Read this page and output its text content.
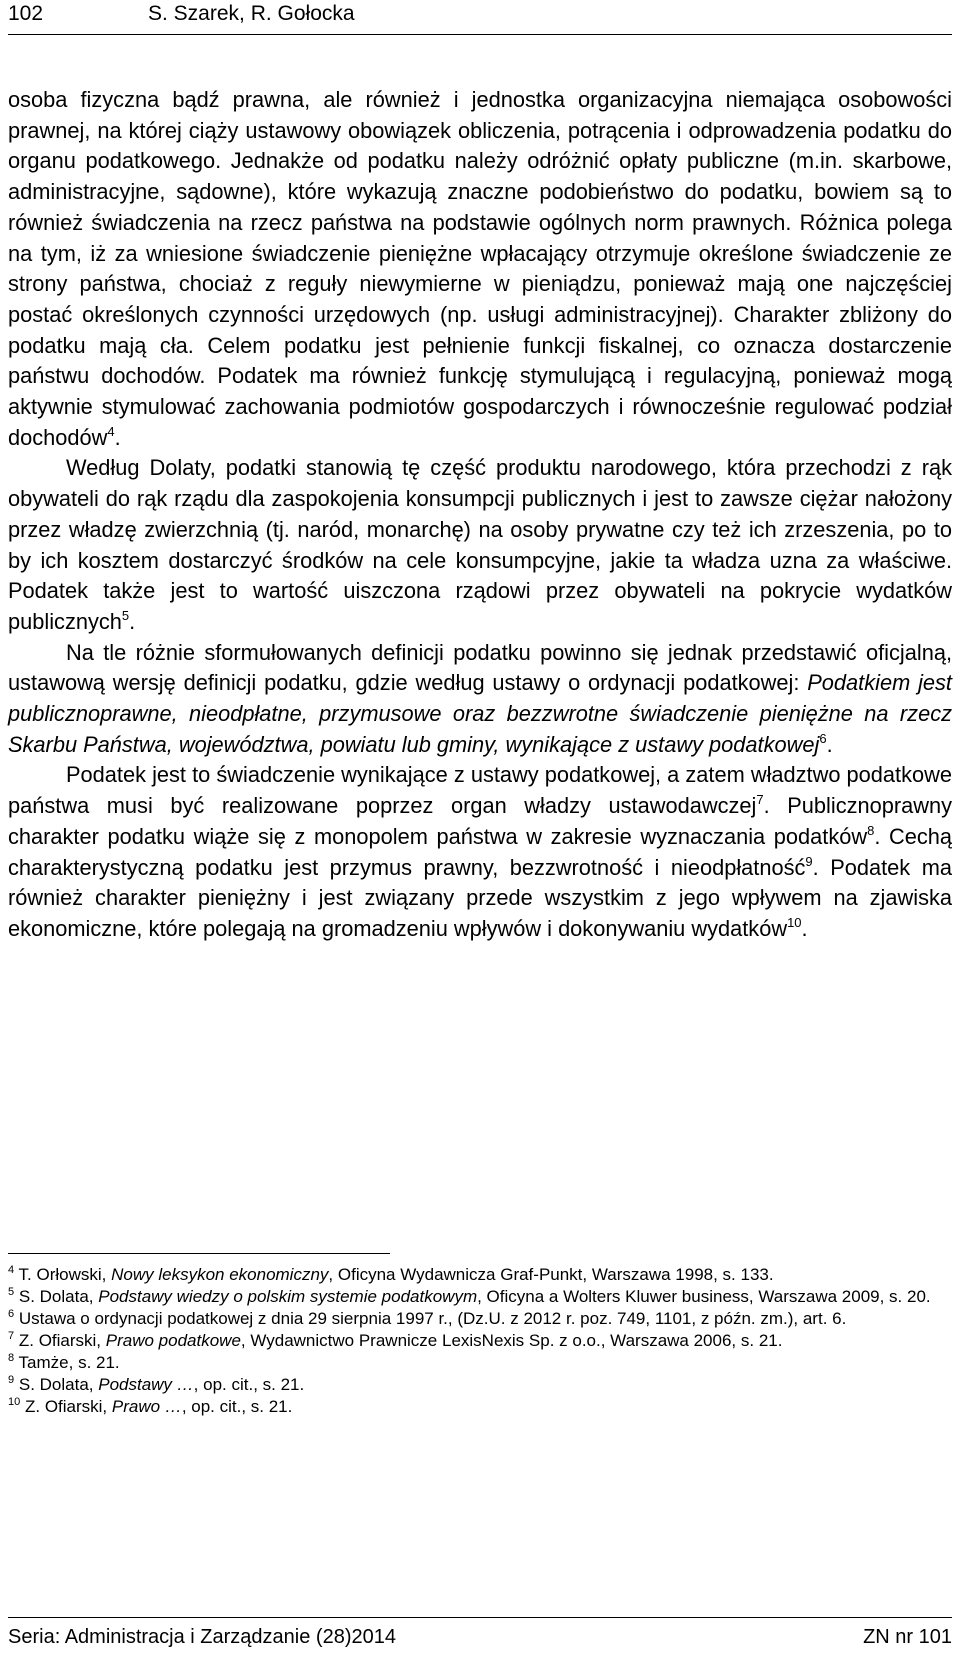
102	S. Szarek, R. Gołocka

osoba fizyczna bądź prawna, ale również i jednostka organizacyjna niemająca osobowości prawnej, na której ciąży ustawowy obowiązek obliczenia, potrącenia i odprowadzenia podatku do organu podatkowego. Jednakże od podatku należy odróżnić opłaty publiczne (m.in. skarbowe, administracyjne, sądowne), które wykazują znaczne podobieństwo do podatku, bowiem są to również świadczenia na rzecz państwa na podstawie ogólnych norm prawnych. Różnica polega na tym, iż za wniesione świadczenie pieniężne wpłacający otrzymuje określone świadczenie ze strony państwa, chociaż z reguły niewymierne w pieniądzu, ponieważ mają one najczęściej postać określonych czynności urzędowych (np. usługi administracyjnej). Charakter zbliżony do podatku mają cła. Celem podatku jest pełnienie funkcji fiskalnej, co oznacza dostarczenie państwu dochodów. Podatek ma również funkcję stymulującą i regulacyjną, ponieważ mogą aktywnie stymulować zachowania podmiotów gospodarczych i równocześnie regulować podział dochodów$^4$.

Według Dolaty, podatki stanowią tę część produktu narodowego, która przechodzi z rąk obywateli do rąk rządu dla zaspokojenia konsumpcji publicznych i jest to zawsze ciężar nałożony przez władzę zwierzchnią (tj. naród, monarchę) na osoby prywatne czy też ich zrzeszenia, po to by ich kosztem dostarczyć środków na cele konsumpcyjne, jakie ta władza uzna za właściwe. Podatek także jest to wartość uiszczona rządowi przez obywateli na pokrycie wydatków publicznych$^5$.

Na tle różnie sformułowanych definicji podatku powinno się jednak przedstawić oficjalną, ustawową wersję definicji podatku, gdzie według ustawy o ordynacji podatkowej: Podatkiem jest publicznoprawne, nieodpłatne, przymusowe oraz bezzwrotne świadczenie pieniężne na rzecz Skarbu Państwa, województwa, powiatu lub gminy, wynikające z ustawy podatkowej$^6$.

Podatek jest to świadczenie wynikające z ustawy podatkowej, a zatem władztwo podatkowe państwa musi być realizowane poprzez organ władzy ustawodawczej$^7$. Publicznoprawny charakter podatku wiąże się z monopolem państwa w zakresie wyznaczania podatków$^8$. Cechą charakterystyczną podatku jest przymus prawny, bezzwrotność i nieodpłatność$^9$. Podatek ma również charakter pieniężny i jest związany przede wszystkim z jego wpływem na zjawiska ekonomiczne, które polegają na gromadzeniu wpływów i dokonywaniu wydatków$^{10}$.

$^4$ T. Orłowski, Nowy leksykon ekonomiczny, Oficyna Wydawnicza Graf-Punkt, Warszawa 1998, s. 133.

$^5$ S. Dolata, Podstawy wiedzy o polskim systemie podatkowym, Oficyna a Wolters Kluwer business, Warszawa 2009, s. 20.

$^6$ Ustawa o ordynacji podatkowej z dnia 29 sierpnia 1997 r., (Dz.U. z 2012 r. poz. 749, 1101, z późn. zm.), art. 6.

$^7$ Z. Ofiarski, Prawo podatkowe, Wydawnictwo Prawnicze LexisNexis Sp. z o.o., Warszawa 2006, s. 21.

$^8$ Tamże, s. 21.

$^9$ S. Dolata, Podstawy …, op. cit., s. 21.

$^{10}$ Z. Ofiarski, Prawo …, op. cit., s. 21.

Seria: Administracja i Zarządzanie (28)2014	ZN nr 101
